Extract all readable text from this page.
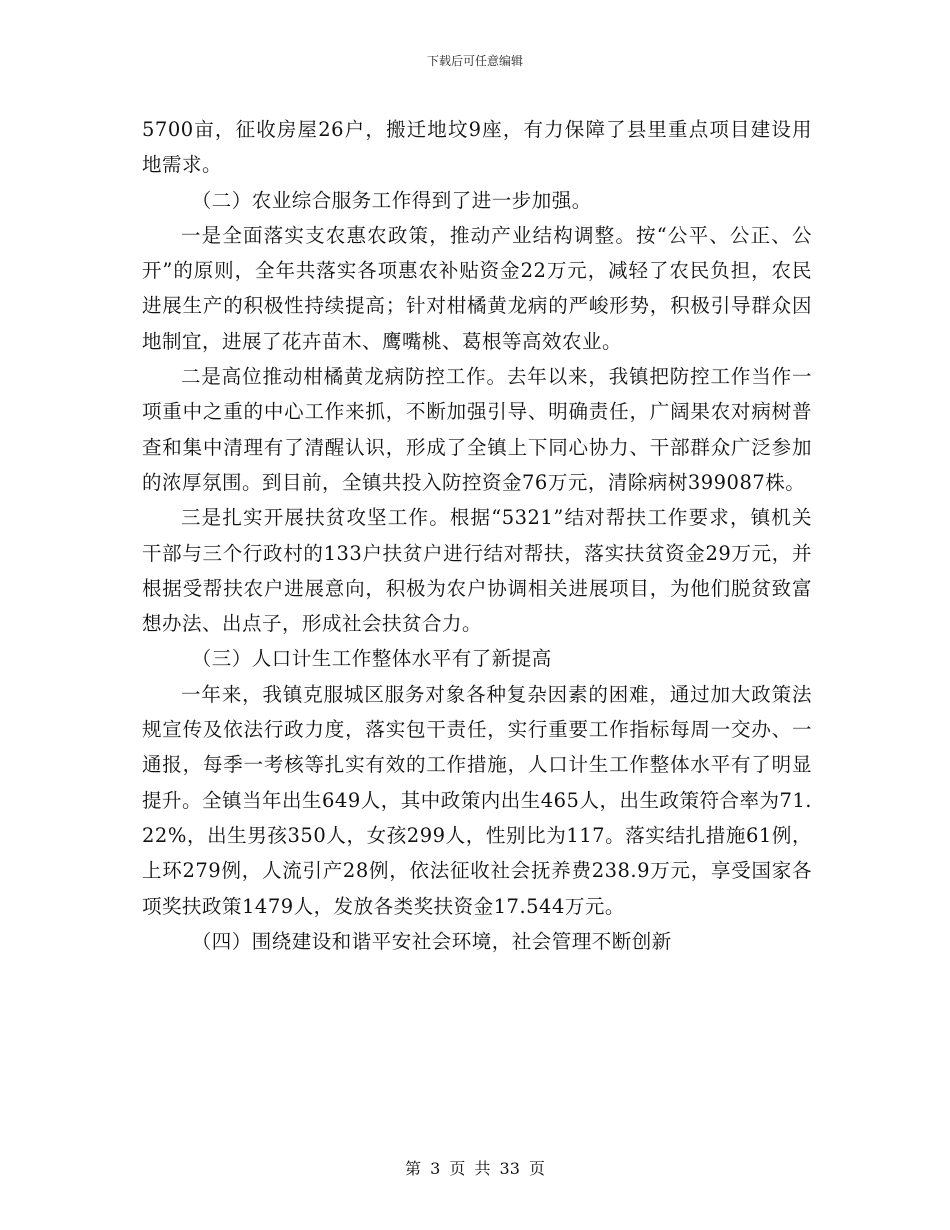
下载后可任意编辑

5700亩，征收房屋26户，搬迁地坟9座，有力保障了县里重点项目建设用地需求。

（二）农业综合服务工作得到了进一步加强。

一是全面落实支农惠农政策，推动产业结构调整。按“公平、公正、公开”的原则，全年共落实各项惠农补贴资金22万元，减轻了农民负担，农民进展生产的积极性持续提高；针对柑橘黄龙病的严峻形势，积极引导群众因地制宜，进展了花卉苗木、鹰嘴桃、葛根等高效农业。

二是高位推动柑橘黄龙病防控工作。去年以来，我镇把防控工作当作一项重中之重的中心工作来抓，不断加强引导、明确责任，广阔果农对病树普查和集中清理有了清醒认识，形成了全镇上下同心协力、干部群众广泛参加的浓厚氛围。到目前，全镇共投入防控资金76万元，清除病树399087株。

三是扎实开展扶贫攻坚工作。根据“5321”结对帮扶工作要求，镇机关干部与三个行政村的133户扶贫户进行结对帮扶，落实扶贫资金29万元，并根据受帮扶农户进展意向，积极为农户协调相关进展项目，为他们脱贫致富想办法、出点子，形成社会扶贫合力。

（三）人口计生工作整体水平有了新提高

一年来，我镇克服城区服务对象各种复杂因素的困难，通过加大政策法规宣传及依法行政力度，落实包干责任，实行重要工作指标每周一交办、一通报，每季一考核等扎实有效的工作措施，人口计生工作整体水平有了明显提升。全镇当年出生649人，其中政策内出生465人，出生政策符合率为71.22%，出生男孩350人，女孩299人，性别比为117。落实结扎措施61例，上环279例，人流引产28例，依法征收社会抚养费238.9万元，享受国家各项奖扶政策1479人，发放各类奖扶资金17.544万元。

（四）围绕建设和谐平安社会环境，社会管理不断创新

第 3 页 共 33 页
